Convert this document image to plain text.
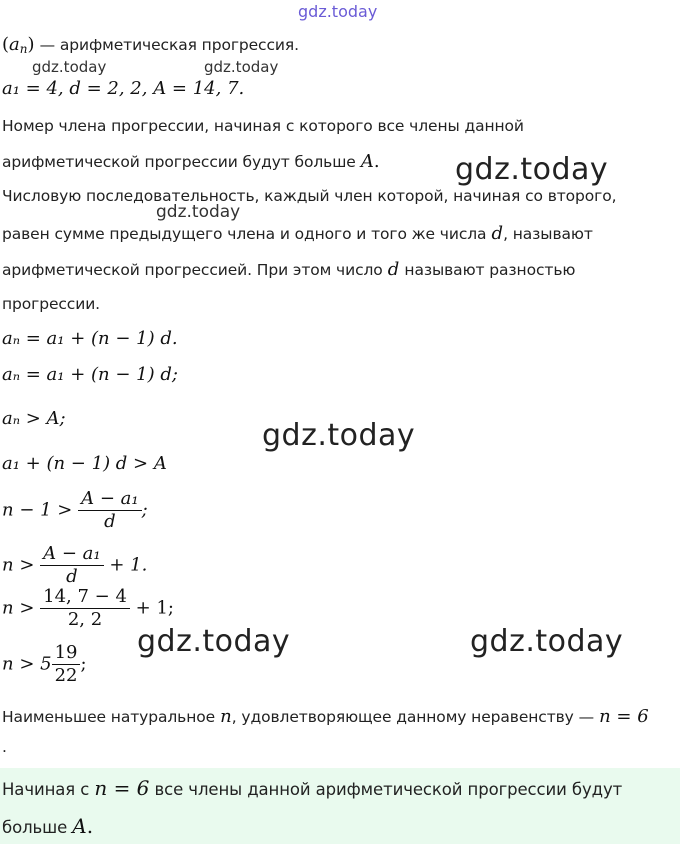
gdz.today
$(a_n)$ — арифметическая прогрессия.
gdz.today	gdz.today
a₁ = 4, d = 2, 2, A = 14, 7.
Номер члена прогрессии, начиная с которого все члены данной
арифметической прогрессии будут больше A.	gdz.today
Числовую последовательность, каждый член которой, начиная со второго,
gdz.today
равен сумме предыдущего члена и одного и того же числа d, называют
арифметической прогрессией. При этом число d называют разностью
прогрессии.
aₙ = a₁ + (n − 1) d.
aₙ = a₁ + (n − 1) d;
aₙ > A;	gdz.today
a₁ + (n − 1) d > A
$n - 1 > \frac{\text{A − a₁}}{d}$ ;
$n > \frac{\text{A − a₁}}{d} + 1$.
$n > \frac{14, 7 - 4}{2, 2} + 1$;
gdz.today	gdz.today
$n > 5 \frac{19}{22}$ ;
Наименьшее натуральное n, удовлетворяющее данному неравенству — n = 6
.
Начиная с n = 6 все члены данной арифметической прогрессии будут
больше A.
